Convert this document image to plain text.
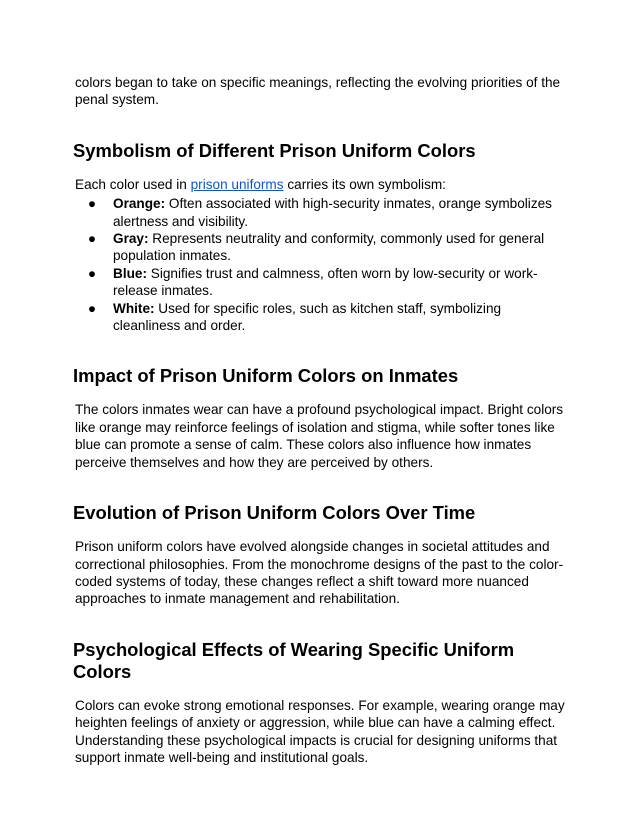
colors began to take on specific meanings, reflecting the evolving priorities of the penal system.

Symbolism of Different Prison Uniform Colors

Each color used in prison uniforms carries its own symbolism:

● Orange: Often associated with high-security inmates, orange symbolizes alertness and visibility.
● Gray: Represents neutrality and conformity, commonly used for general population inmates.
● Blue: Signifies trust and calmness, often worn by low-security or work-release inmates.
● White: Used for specific roles, such as kitchen staff, symbolizing cleanliness and order.
Impact of Prison Uniform Colors on Inmates

The colors inmates wear can have a profound psychological impact. Bright colors like orange may reinforce feelings of isolation and stigma, while softer tones like blue can promote a sense of calm. These colors also influence how inmates perceive themselves and how they are perceived by others.

Evolution of Prison Uniform Colors Over Time

Prison uniform colors have evolved alongside changes in societal attitudes and correctional philosophies. From the monochrome designs of the past to the color-coded systems of today, these changes reflect a shift toward more nuanced approaches to inmate management and rehabilitation.

Psychological Effects of Wearing Specific Uniform Colors

Colors can evoke strong emotional responses. For example, wearing orange may heighten feelings of anxiety or aggression, while blue can have a calming effect. Understanding these psychological impacts is crucial for designing uniforms that support inmate well-being and institutional goals.
